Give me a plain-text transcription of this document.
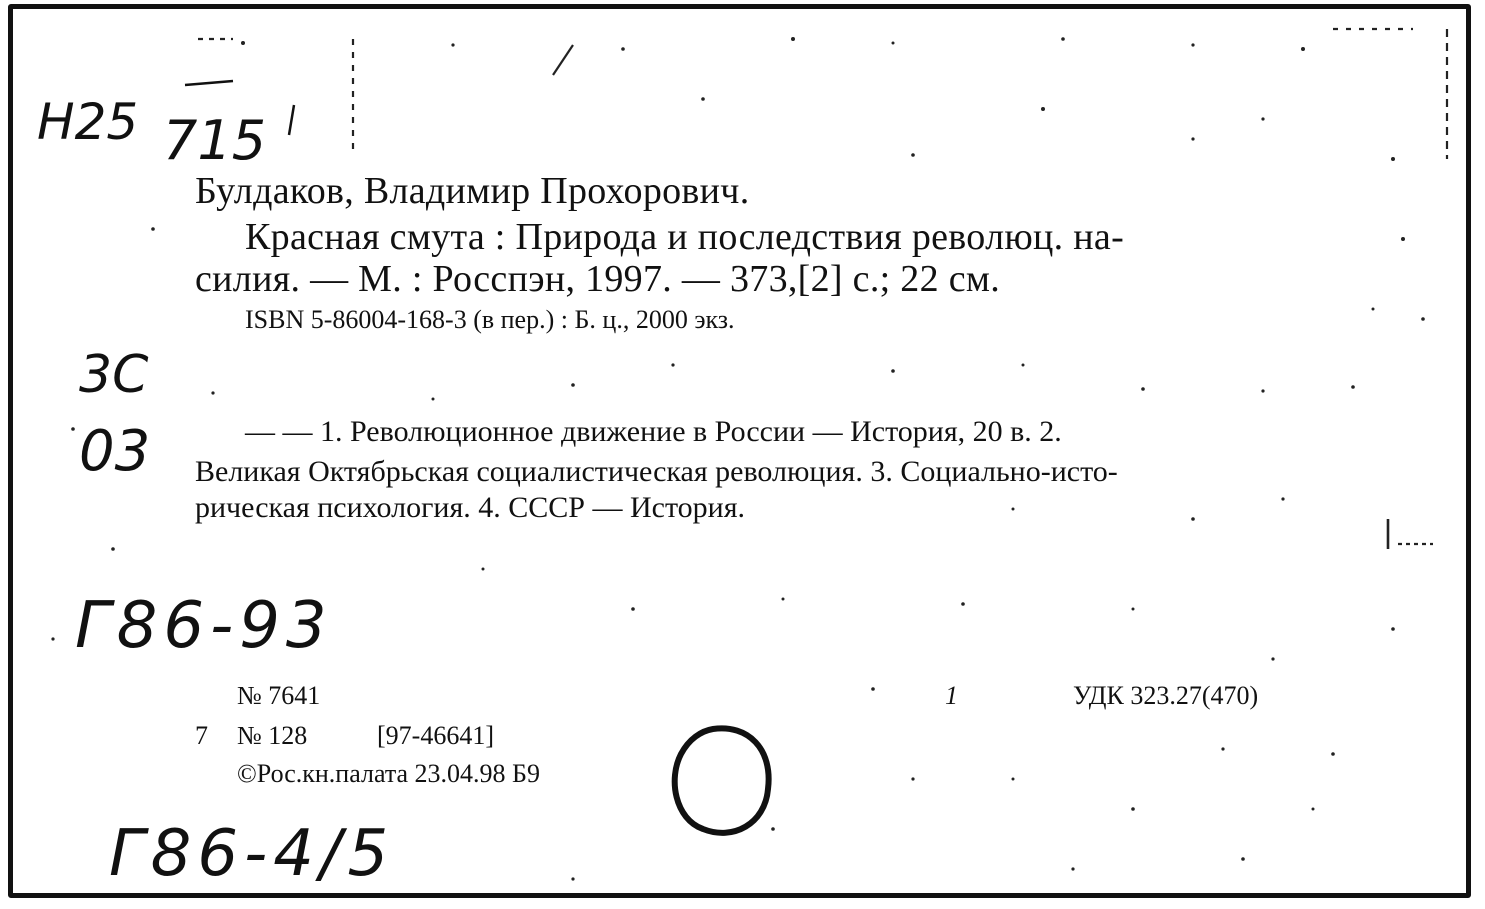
Н25 715
3С
03
Г86-93
Г86-4/5
Булдаков, Владимир Прохорович.
Красная смута : Природа и последствия революц. на-
силия. — М. : Росспэн, 1997. — 373,[2] с.; 22 см.
ISBN 5-86004-168-3 (в пер.) : Б. ц., 2000 экз.
— — 1. Революционное движение в России — История, 20 в. 2.
Великая Октябрьская социалистическая революция. 3. Социально-исто-
рическая психология. 4. СССР — История.
№ 7641
7 № 128	[97-46641]
©Рос.кн.палата 23.04.98 Б9
1	УДК 323.27(470)
